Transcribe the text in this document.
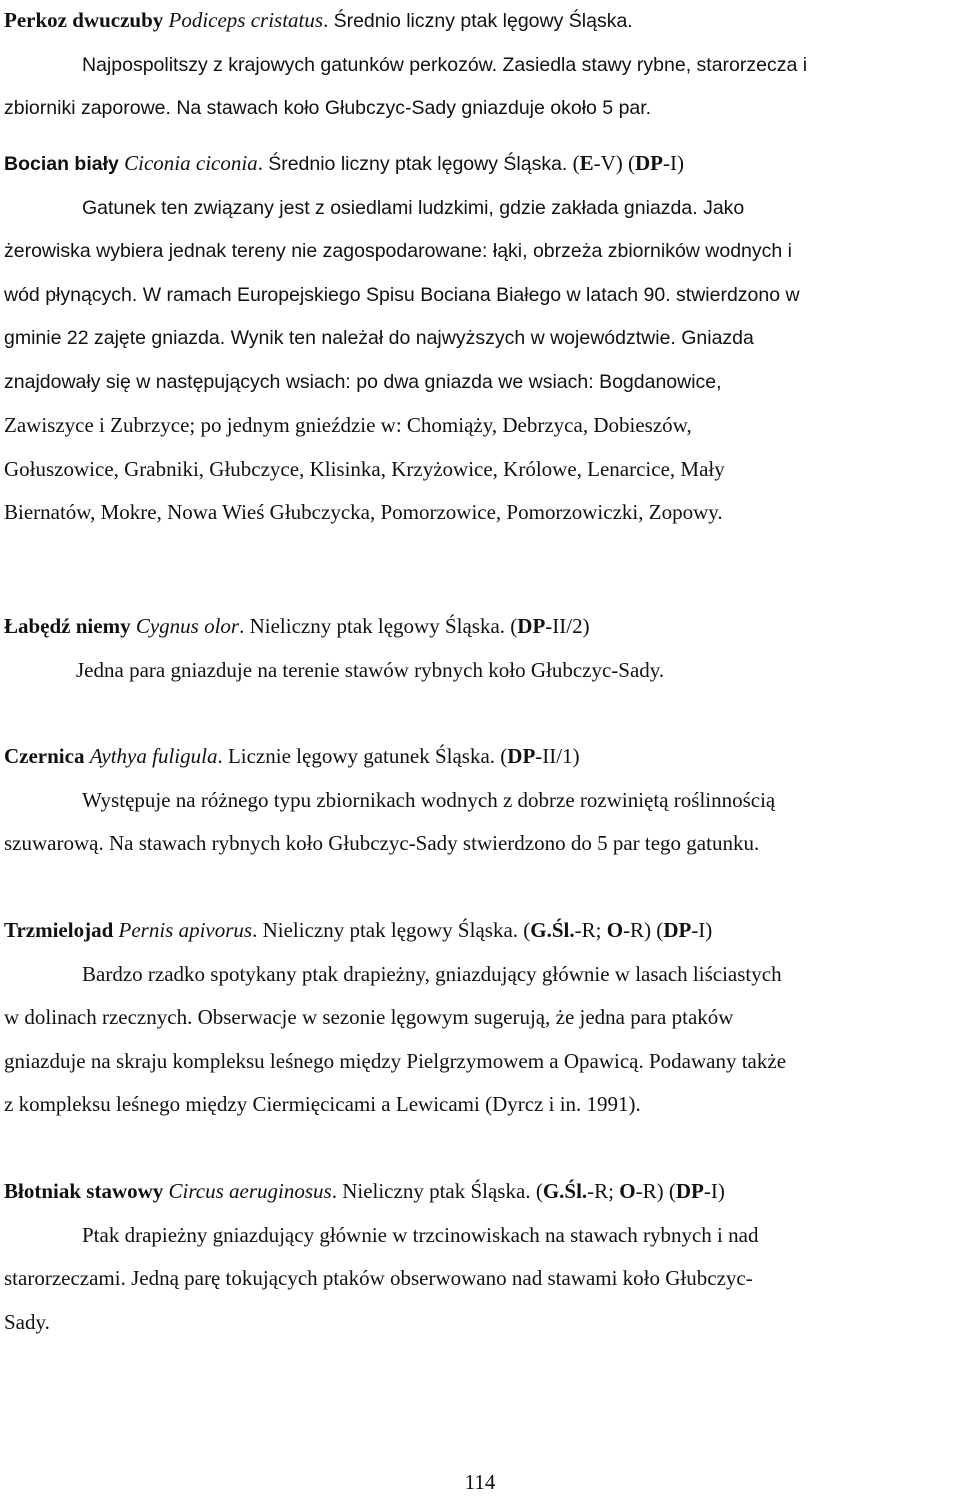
Perkoz dwuczuby Podiceps cristatus. Średnio liczny ptak lęgowy Śląska.
Najpospolitszy z krajowych gatunków perkozów. Zasiedla stawy rybne, starorzecza i
zbiorniki zaporowe. Na stawach koło Głubczyc-Sady gniazduje około 5 par.
Bocian biały Ciconia ciconia. Średnio liczny ptak lęgowy Śląska. (E-V) (DP-I)
Gatunek ten związany jest z osiedlami ludzkimi, gdzie zakłada gniazda. Jako
żerowiska wybiera jednak tereny nie zagospodarowane: łąki, obrzeża zbiorników wodnych i
wód płynących. W ramach Europejskiego Spisu Bociana Białego w latach 90. stwierdzono w
gminie 22 zajęte gniazda. Wynik ten należał do najwyższych w województwie. Gniazda
znajdowały się w następujących wsiach: po dwa gniazda we wsiach: Bogdanowice,
Zawiszyce i Zubrzyce; po jednym gnieździe w: Chomiąży, Debrzyca, Dobieszów,
Gołuszowice, Grabniki, Głubczyce, Klisinka, Krzyżowice, Królowe, Lenarcice, Mały
Biernatów, Mokre, Nowa Wieś Głubczycka, Pomorzowice, Pomorzowiczki, Zopowy.
Łabędź niemy Cygnus olor. Nieliczny ptak lęgowy Śląska. (DP-II/2)
Jedna para gniazduje na terenie stawów rybnych koło Głubczyc-Sady.
Czernica Aythya fuligula. Licznie lęgowy gatunek Śląska. (DP-II/1)
Występuje na różnego typu zbiornikach wodnych z dobrze rozwiniętą roślinnością
szuwarową. Na stawach rybnych koło Głubczyc-Sady stwierdzono do 5 par tego gatunku.
Trzmielojad Pernis apivorus. Nieliczny ptak lęgowy Śląska. (G.Śl.-R; O-R) (DP-I)
Bardzo rzadko spotykany ptak drapieżny, gniazdujący głównie w lasach liściastych
w dolinach rzecznych. Obserwacje w sezonie lęgowym sugerują, że jedna para ptaków
gniazduje na skraju kompleksu leśnego między Pielgrzymowem a Opawicą. Podawany także
z kompleksu leśnego między Ciermięcicami a Lewicami (Dyrcz i in. 1991).
Błotniak stawowy Circus aeruginosus. Nieliczny ptak Śląska. (G.Śl.-R; O-R) (DP-I)
Ptak drapieżny gniazdujący głównie w trzcinowiskach na stawach rybnych i nad
starorzeczami. Jedną parę tokujących ptaków obserwowano nad stawami koło Głubczyc-
Sady.
114
